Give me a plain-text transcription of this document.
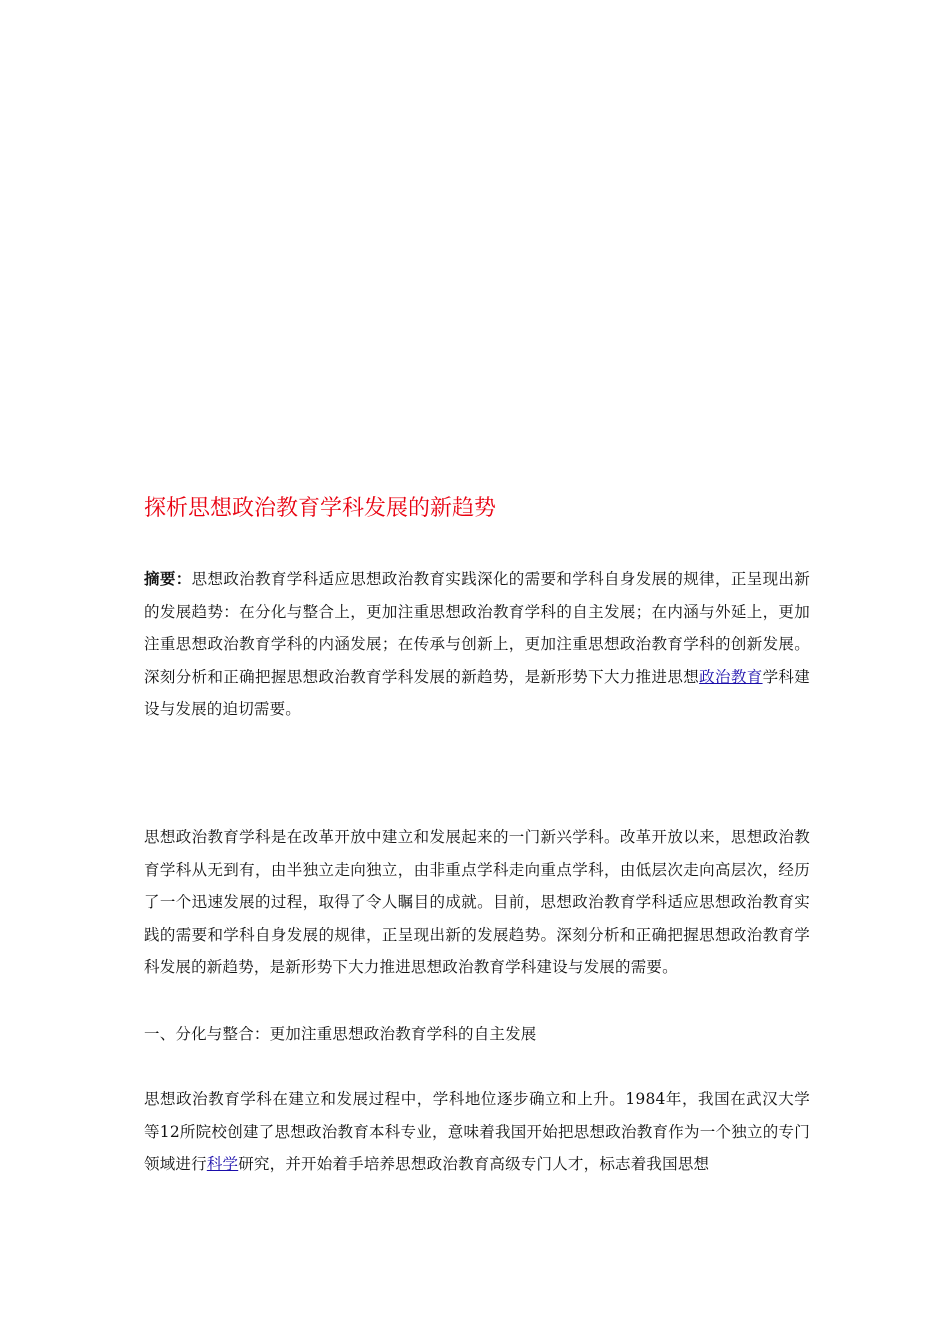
探析思想政治教育学科发展的新趋势

摘要：思想政治教育学科适应思想政治教育实践深化的需要和学科自身发展的规律，正呈现出新的发展趋势：在分化与整合上，更加注重思想政治教育学科的自主发展；在内涵与外延上，更加注重思想政治教育学科的内涵发展；在传承与创新上，更加注重思想政治教育学科的创新发展。深刻分析和正确把握思想政治教育学科发展的新趋势，是新形势下大力推进思想政治教育学科建设与发展的迫切需要。

思想政治教育学科是在改革开放中建立和发展起来的一门新兴学科。改革开放以来，思想政治教育学科从无到有，由半独立走向独立，由非重点学科走向重点学科，由低层次走向高层次，经历了一个迅速发展的过程，取得了令人瞩目的成就。目前，思想政治教育学科适应思想政治教育实践的需要和学科自身发展的规律，正呈现出新的发展趋势。深刻分析和正确把握思想政治教育学科发展的新趋势，是新形势下大力推进思想政治教育学科建设与发展的需要。

一、分化与整合：更加注重思想政治教育学科的自主发展

思想政治教育学科在建立和发展过程中，学科地位逐步确立和上升。1984年，我国在武汉大学等12所院校创建了思想政治教育本科专业，意味着我国开始把思想政治教育作为一个独立的专门领域进行科学研究，并开始着手培养思想政治教育高级专门人才，标志着我国思想
